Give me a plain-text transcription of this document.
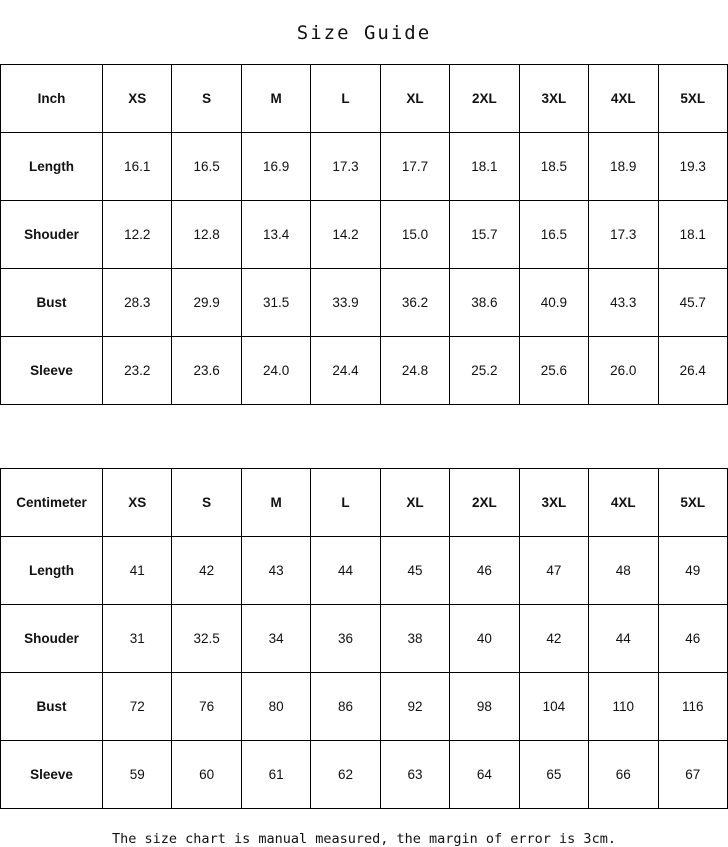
Size Guide
Inch	XS	S	M	L	XL	2XL	3XL	4XL	5XL
Length	16.1	16.5	16.9	17.3	17.7	18.1	18.5	18.9	19.3
Shouder	12.2	12.8	13.4	14.2	15.0	15.7	16.5	17.3	18.1
Bust	28.3	29.9	31.5	33.9	36.2	38.6	40.9	43.3	45.7
Sleeve	23.2	23.6	24.0	24.4	24.8	25.2	25.6	26.0	26.4
Centimeter	XS	S	M	L	XL	2XL	3XL	4XL	5XL
Length	41	42	43	44	45	46	47	48	49
Shouder	31	32.5	34	36	38	40	42	44	46
Bust	72	76	80	86	92	98	104	110	116
Sleeve	59	60	61	62	63	64	65	66	67
The size chart is manual measured, the margin of error is 3cm.
